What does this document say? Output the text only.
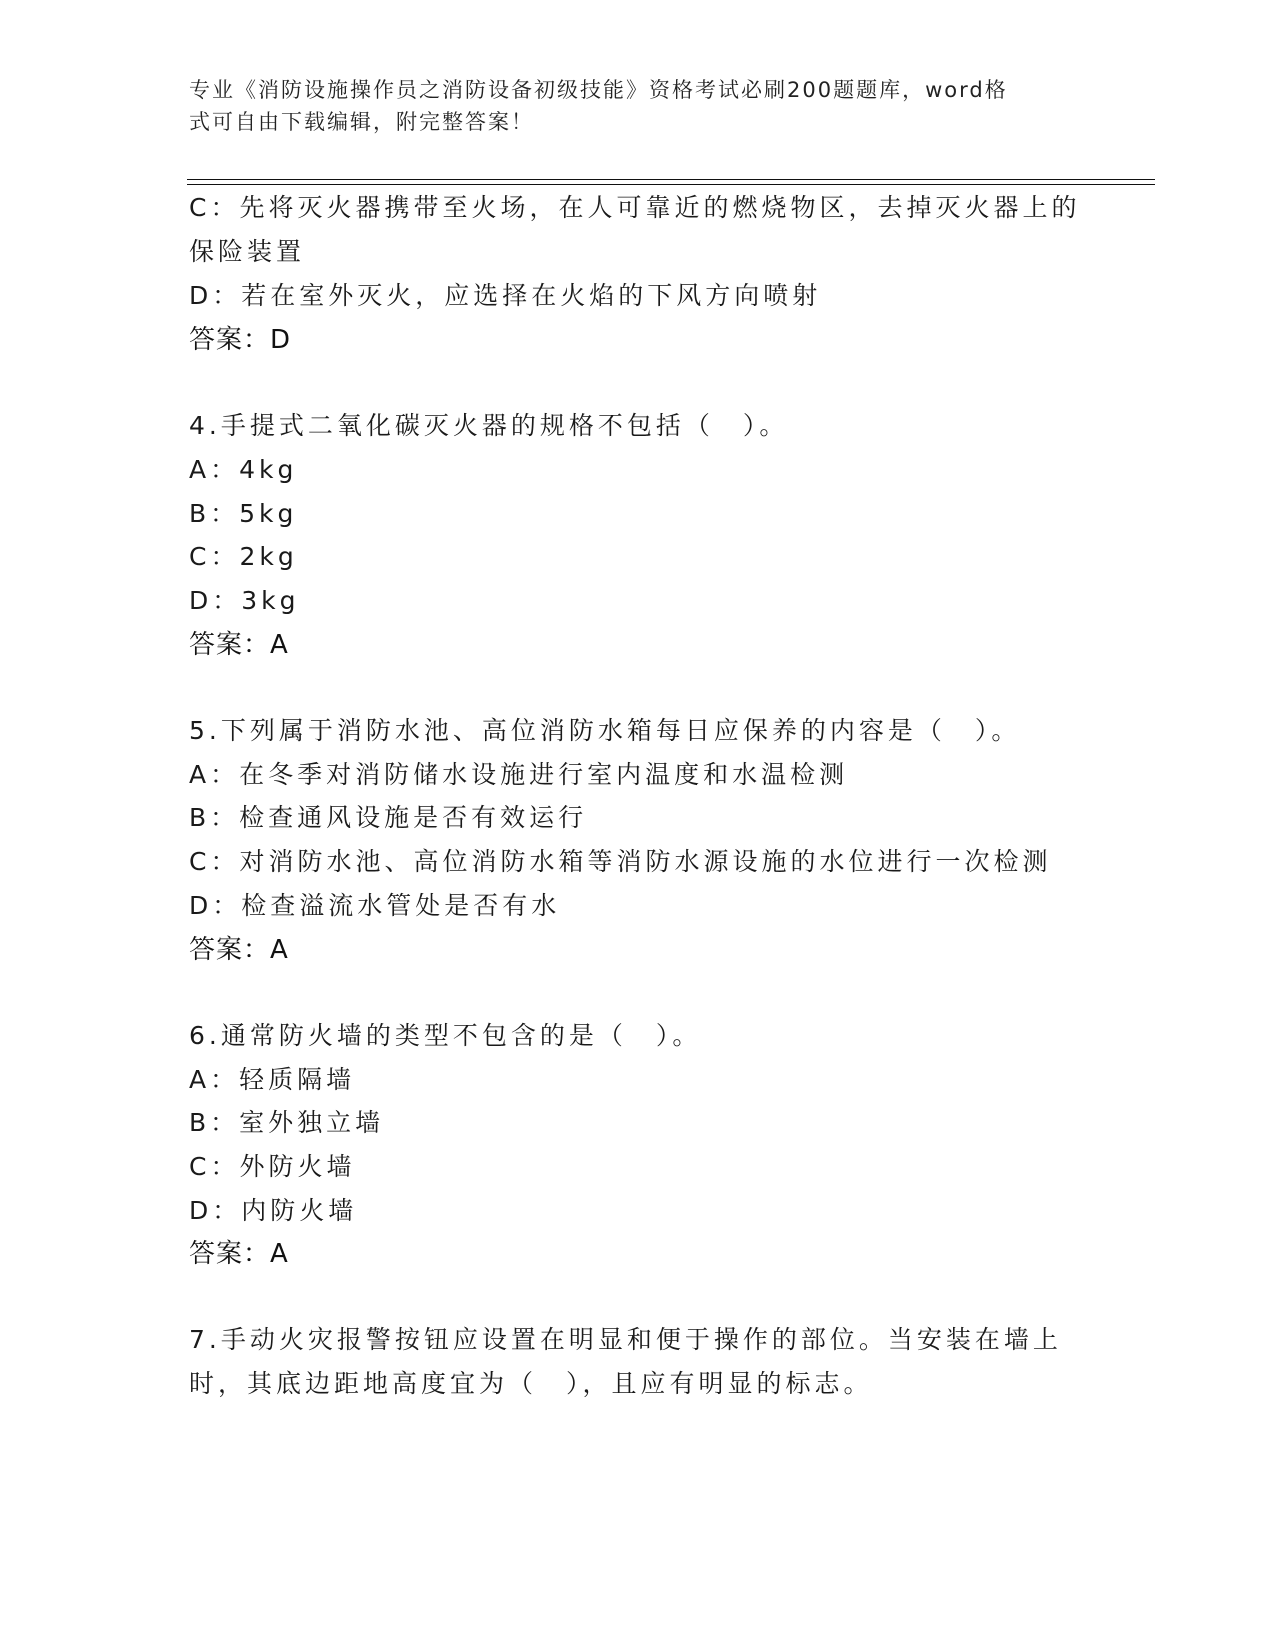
专业《消防设施操作员之消防设备初级技能》资格考试必刷200题题库，word格
式可自由下载编辑，附完整答案！
C：先将灭火器携带至火场，在人可靠近的燃烧物区，去掉灭火器上的
保险装置
D：若在室外灭火，应选择在火焰的下风方向喷射
答案：D
4.手提式二氧化碳灭火器的规格不包括（　）。
A：4kg
B：5kg
C：2kg
D：3kg
答案：A
5.下列属于消防水池、高位消防水箱每日应保养的内容是（　）。
A：在冬季对消防储水设施进行室内温度和水温检测
B：检查通风设施是否有效运行
C：对消防水池、高位消防水箱等消防水源设施的水位进行一次检测
D：检查溢流水管处是否有水
答案：A
6.通常防火墙的类型不包含的是（　）。
A：轻质隔墙
B：室外独立墙
C：外防火墙
D：内防火墙
答案：A
7.手动火灾报警按钮应设置在明显和便于操作的部位。当安装在墙上
时，其底边距地高度宜为（　），且应有明显的标志。
